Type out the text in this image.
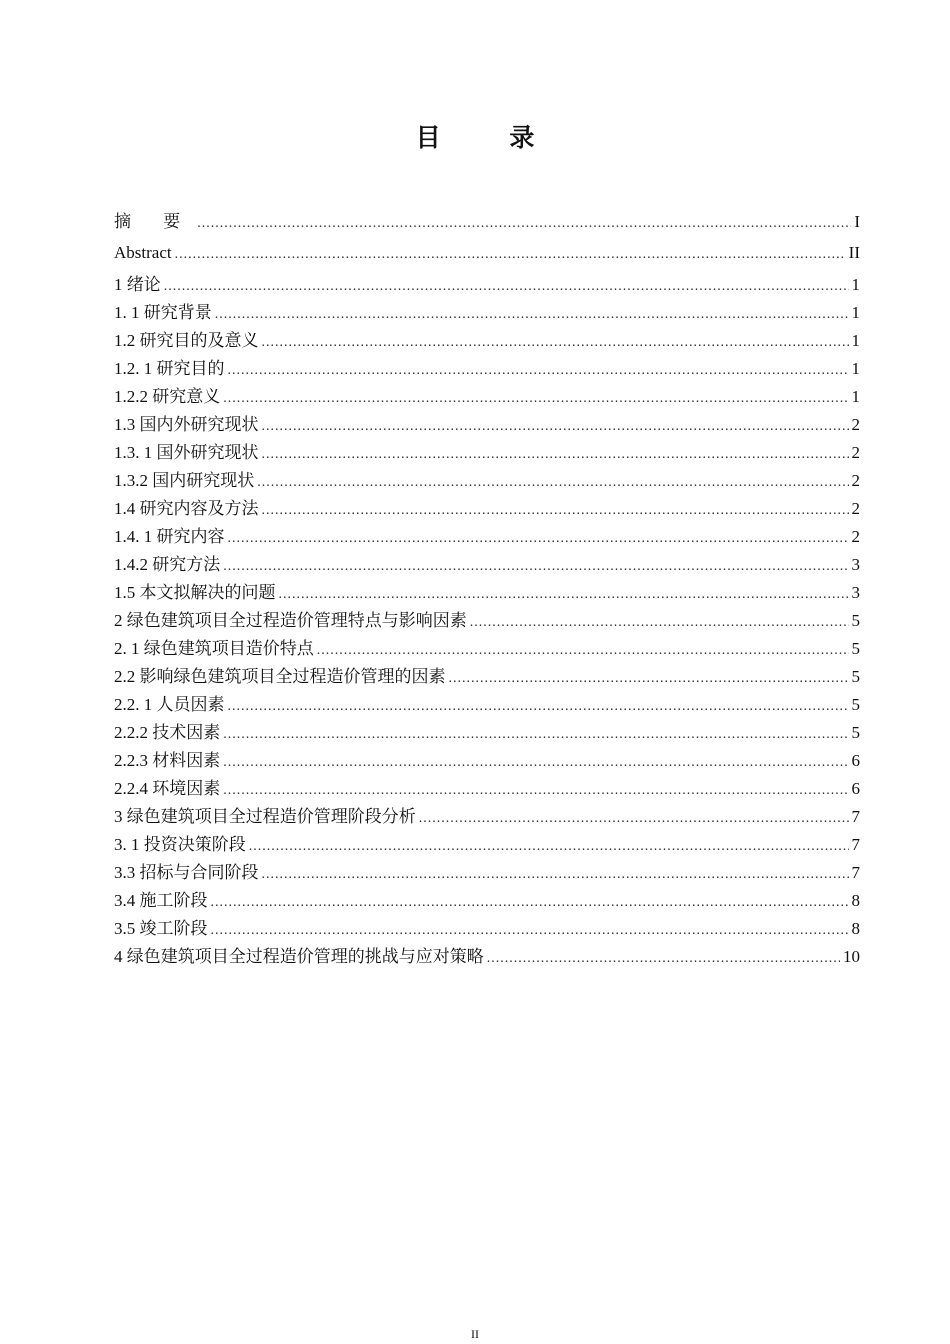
目 录
摘 要 .....	I
Abstract .....	II
1 绪论 .....	1
1. 1 研究背景 .....	1
1.2 研究目的及意义 .....	1
1.2. 1 研究目的 .....	1
1.2.2 研究意义 .....	1
1.3 国内外研究现状 .....	2
1.3. 1 国外研究现状 .....	2
1.3.2 国内研究现状 .....	2
1.4 研究内容及方法 .....	2
1.4. 1 研究内容 .....	2
1.4.2 研究方法 .....	3
1.5 本文拟解决的问题 .....	3
2 绿色建筑项目全过程造价管理特点与影响因素 .....	5
2. 1 绿色建筑项目造价特点 .....	5
2.2 影响绿色建筑项目全过程造价管理的因素 .....	5
2.2. 1 人员因素 .....	5
2.2.2 技术因素 .....	5
2.2.3 材料因素 .....	6
2.2.4 环境因素 .....	6
3 绿色建筑项目全过程造价管理阶段分析 .....	7
3. 1 投资决策阶段 .....	7
3.3 招标与合同阶段 .....	7
3.4 施工阶段 .....	8
3.5 竣工阶段 .....	8
4 绿色建筑项目全过程造价管理的挑战与应对策略 .....	10
II
